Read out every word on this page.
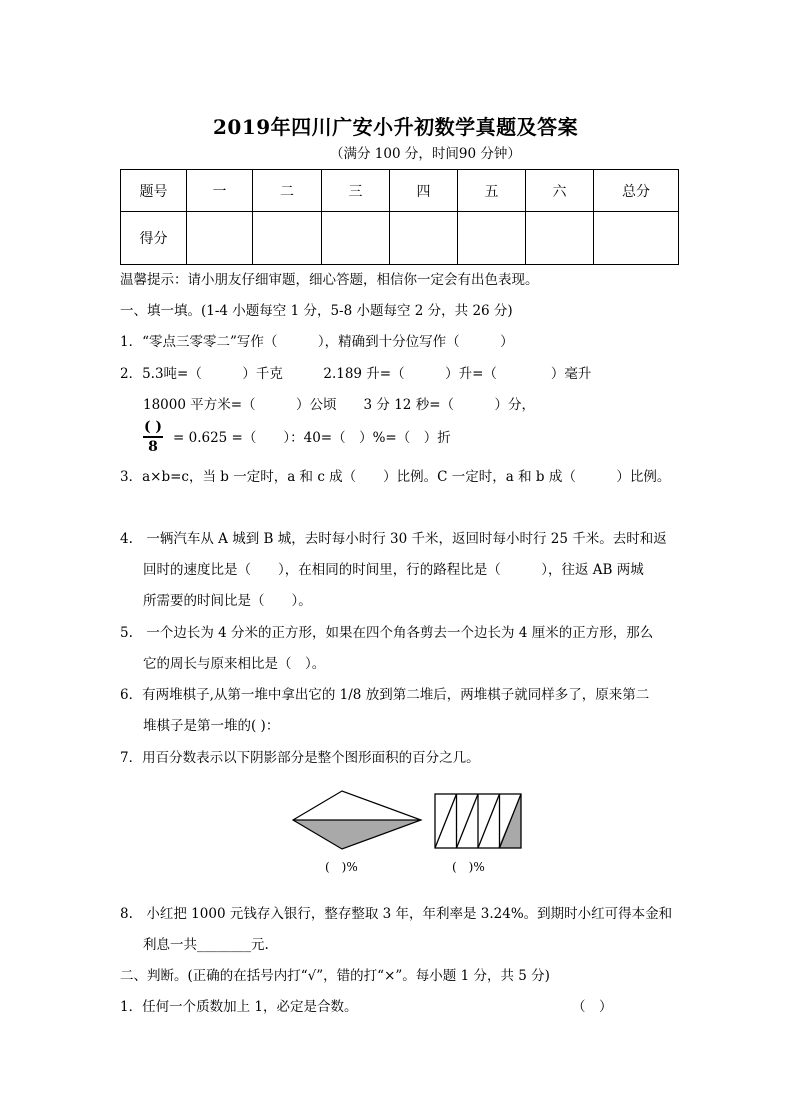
2019年四川广安小升初数学真题及答案
（满分 100 分，时间90 分钟）
题号	一	二	三	四	五	六	总分
得分							
温馨提示：请小朋友仔细审题，细心答题，相信你一定会有出色表现。
一、填一填。(1-4 小题每空 1 分，5-8 小题每空 2 分，共 26 分)
1．“零点三零零二”写作（　　　），精确到十分位写作（　　　）
2．5.3吨=（　　　）千克　　　2.189 升=（　　　）升=（　　　　）毫升
18000 平方米=（　　　）公顷　　3 分 12 秒=（　　　）分，
( )
8
= 0.625 =（　　）：40=（　）%=（　）折
3．a×b=c，当 b 一定时，a 和 c 成（　　）比例。C 一定时，a 和 b 成（　　　）比例。
4.　一辆汽车从 A 城到 B 城，去时每小时行 30 千米，返回时每小时行 25 千米。去时和返
回时的速度比是（　　），在相同的时间里，行的路程比是（　　　），往返 AB 两城
所需要的时间比是（　　）。
5.　一个边长为 4 分米的正方形，如果在四个角各剪去一个边长为 4 厘米的正方形，那么
它的周长与原来相比是（　）。
6．有两堆棋子,从第一堆中拿出它的 1/8 放到第二堆后，两堆棋子就同样多了，原来第二
堆棋子是第一堆的( )：
7．用百分数表示以下阴影部分是整个图形面积的百分之几。
(　)%	(　)%
8.　小红把 1000 元钱存入银行，整存整取 3 年，年利率是 3.24%。到期时小红可得本金和
利息一共________元.
二、判断。(正确的在括号内打“√”，错的打“×”。每小题 1 分，共 5 分)
1．任何一个质数加上 1，必定是合数。	（　）
